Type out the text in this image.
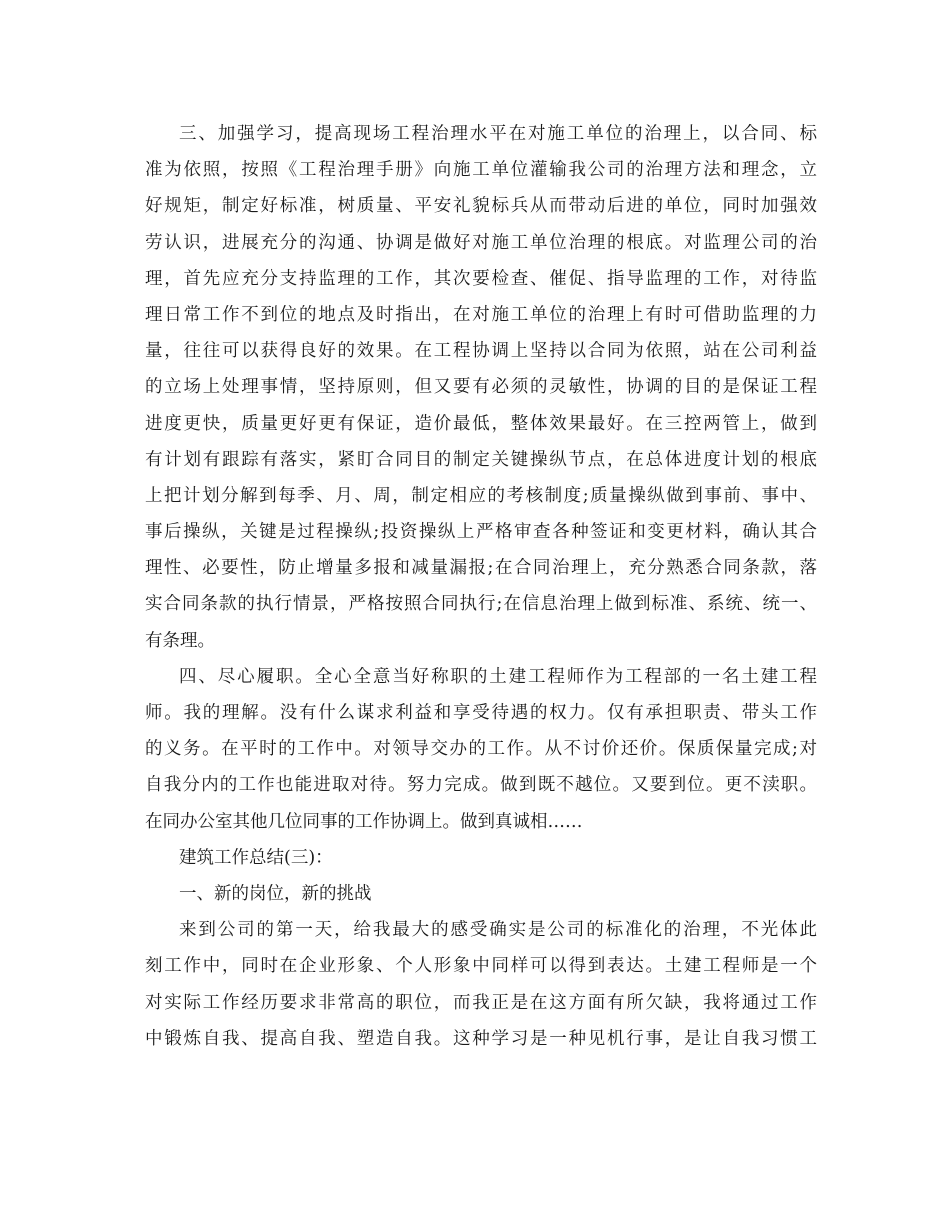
三、加强学习，提高现场工程治理水平在对施工单位的治理上，以合同、标
准为依照，按照《工程治理手册》向施工单位灌输我公司的治理方法和理念，立
好规矩，制定好标准，树质量、平安礼貌标兵从而带动后进的单位，同时加强效
劳认识，进展充分的沟通、协调是做好对施工单位治理的根底。对监理公司的治
理，首先应充分支持监理的工作，其次要检查、催促、指导监理的工作，对待监
理日常工作不到位的地点及时指出，在对施工单位的治理上有时可借助监理的力
量，往往可以获得良好的效果。在工程协调上坚持以合同为依照，站在公司利益
的立场上处理事情，坚持原则，但又要有必须的灵敏性，协调的目的是保证工程
进度更快，质量更好更有保证，造价最低，整体效果最好。在三控两管上，做到
有计划有跟踪有落实，紧盯合同目的制定关键操纵节点，在总体进度计划的根底
上把计划分解到每季、月、周，制定相应的考核制度;质量操纵做到事前、事中、
事后操纵，关键是过程操纵;投资操纵上严格审查各种签证和变更材料，确认其合
理性、必要性，防止增量多报和减量漏报;在合同治理上，充分熟悉合同条款，落
实合同条款的执行情景，严格按照合同执行;在信息治理上做到标准、系统、统一、
有条理。
四、尽心履职。全心全意当好称职的土建工程师作为工程部的一名土建工程
师。我的理解。没有什么谋求利益和享受待遇的权力。仅有承担职责、带头工作
的义务。在平时的工作中。对领导交办的工作。从不讨价还价。保质保量完成;对
自我分内的工作也能进取对待。努力完成。做到既不越位。又要到位。更不渎职。
在同办公室其他几位同事的工作协调上。做到真诚相……
建筑工作总结(三)：
一、新的岗位，新的挑战
来到公司的第一天，给我最大的感受确实是公司的标准化的治理，不光体此
刻工作中，同时在企业形象、个人形象中同样可以得到表达。土建工程师是一个
对实际工作经历要求非常高的职位，而我正是在这方面有所欠缺，我将通过工作
中锻炼自我、提高自我、塑造自我。这种学习是一种见机行事，是让自我习惯工
